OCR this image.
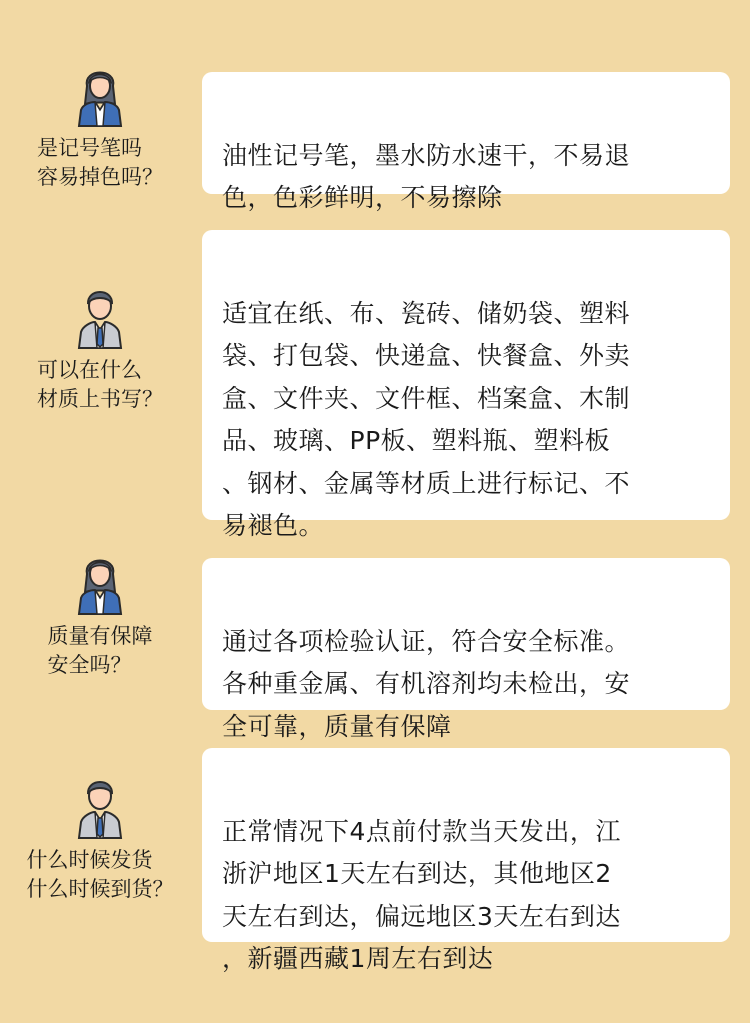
是记号笔吗
容易掉色吗？

油性记号笔，墨水防水速干，不易退
色，色彩鲜明，不易擦除

可以在什么
材质上书写？

适宜在纸、布、瓷砖、储奶袋、塑料
袋、打包袋、快递盒、快餐盒、外卖
盒、文件夹、文件框、档案盒、木制
品、玻璃、PP板、塑料瓶、塑料板
、钢材、金属等材质上进行标记、不
易褪色。

质量有保障
安全吗？

通过各项检验认证，符合安全标准。
各种重金属、有机溶剂均未检出，安
全可靠，质量有保障

什么时候发货
什么时候到货？

正常情况下4点前付款当天发出，江
浙沪地区1天左右到达，其他地区2
天左右到达，偏远地区3天左右到达
，新疆西藏1周左右到达
